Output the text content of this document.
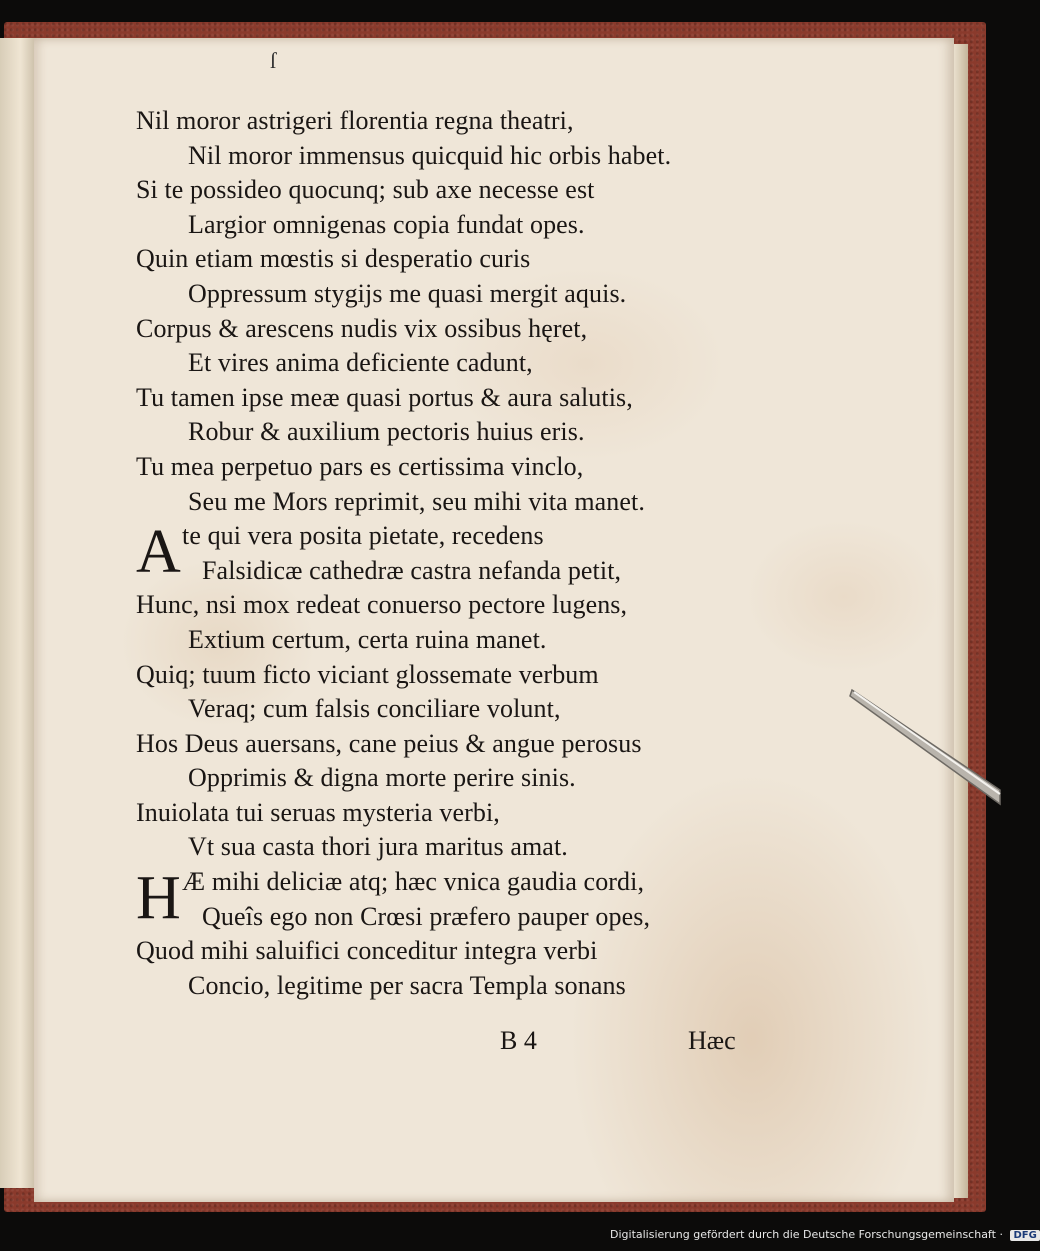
ſ
Nil moror astrigeri florentia regna theatri,
Nil moror immensus quicquid hic orbis habet.
Si te possideo quocunq; sub axe necesse est
Largior omnigenas copia fundat opes.
Quin etiam mœstis si desperatio curis
Oppressum stygijs me quasi mergit aquis.
Corpus & arescens nudis vix ossibus hęret,
Et vires anima deficiente cadunt,
Tu tamen ipse meæ quasi portus & aura salutis,
Robur & auxilium pectoris huius eris.
Tu mea perpetuo pars es certissima vinclo,
Seu me Mors reprimit, seu mihi vita manet.
A te qui vera posita pietate, recedens
Falsidicæ cathedræ castra nefanda petit,
Hunc, nsi mox redeat conuerso pectore lugens,
Extium certum, certa ruina manet.
Quiq; tuum ficto viciant glossemate verbum
Veraq; cum falsis conciliare volunt,
Hos Deus auersans, cane peius & angue perosus
Opprimis & digna morte perire sinis.
Inuiolata tui seruas mysteria verbi,
Vt sua casta thori jura maritus amat.
H Æ mihi deliciæ atq; hæc vnica gaudia cordi,
Queîs ego non Crœsi præfero pauper opes,
Quod mihi saluifici conceditur integra verbi
Concio, legitime per sacra Templa sonans
B 4	Hæc
Digitalisierung gefördert durch die Deutsche Forschungsgemeinschaft · DFG
